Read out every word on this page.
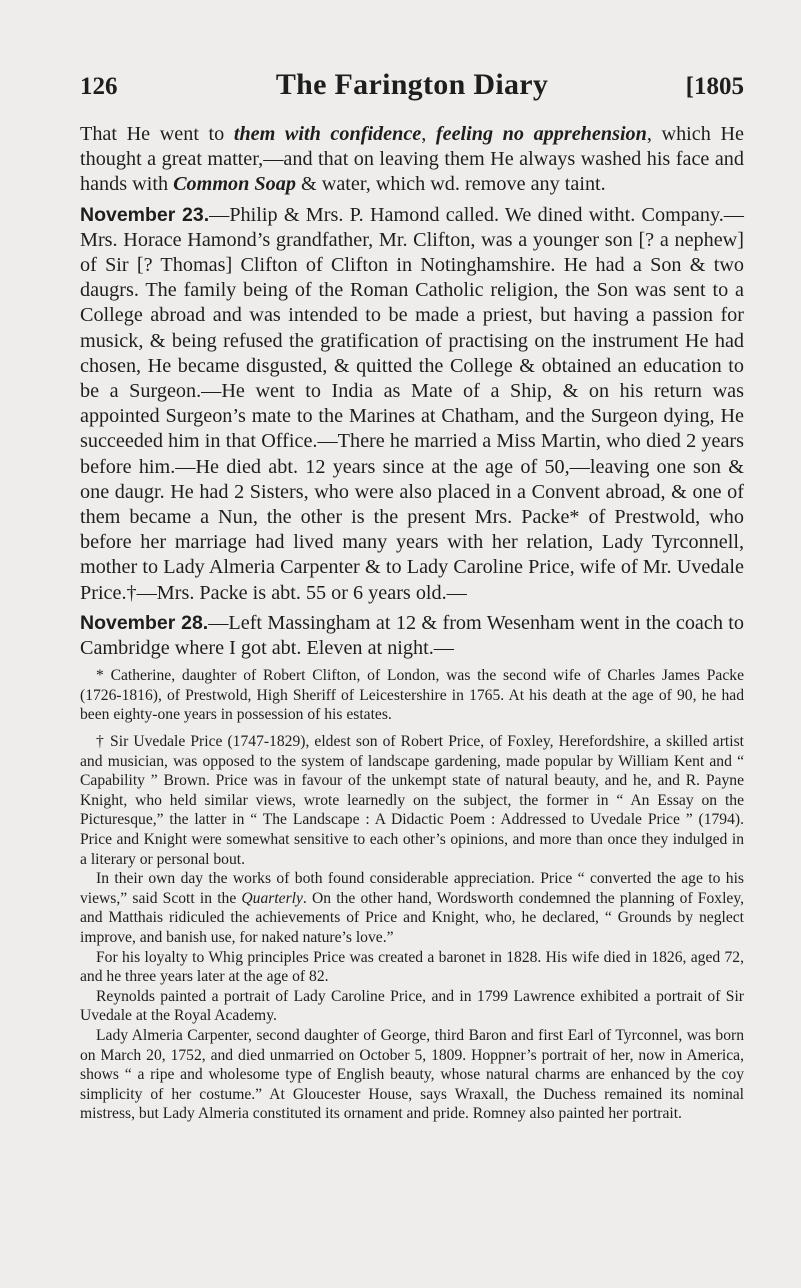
126	The Farington Diary	[1805

That He went to them with confidence, feeling no apprehension, which He thought a great matter,—and that on leaving them He always washed his face and hands with Common Soap & water, which wd. remove any taint.

November 23.—Philip & Mrs. P. Hamond called. We dined witht. Company.—Mrs. Horace Hamond’s grandfather, Mr. Clifton, was a younger son [? a nephew] of Sir [? Thomas] Clifton of Clifton in Notinghamshire. He had a Son & two daugrs. The family being of the Roman Catholic religion, the Son was sent to a College abroad and was intended to be made a priest, but having a passion for musick, & being refused the gratification of practising on the instrument He had chosen, He became disgusted, & quitted the College & obtained an education to be a Surgeon.—He went to India as Mate of a Ship, & on his return was appointed Surgeon’s mate to the Marines at Chatham, and the Surgeon dying, He succeeded him in that Office.—There he married a Miss Martin, who died 2 years before him.—He died abt. 12 years since at the age of 50,—leaving one son & one daugr. He had 2 Sisters, who were also placed in a Convent abroad, & one of them became a Nun, the other is the present Mrs. Packe* of Prestwold, who before her marriage had lived many years with her relation, Lady Tyrconnell, mother to Lady Almeria Carpenter & to Lady Caroline Price, wife of Mr. Uvedale Price.†—Mrs. Packe is abt. 55 or 6 years old.—

November 28.—Left Massingham at 12 & from Wesenham went in the coach to Cambridge where I got abt. Eleven at night.—

* Catherine, daughter of Robert Clifton, of London, was the second wife of Charles James Packe (1726-1816), of Prestwold, High Sheriff of Leicestershire in 1765. At his death at the age of 90, he had been eighty-one years in possession of his estates.

† Sir Uvedale Price (1747-1829), eldest son of Robert Price, of Foxley, Herefordshire, a skilled artist and musician, was opposed to the system of landscape gardening, made popular by William Kent and “ Capability ” Brown. Price was in favour of the unkempt state of natural beauty, and he, and R. Payne Knight, who held similar views, wrote learnedly on the subject, the former in “ An Essay on the Picturesque,” the latter in “ The Landscape : A Didactic Poem : Addressed to Uvedale Price ” (1794). Price and Knight were somewhat sensitive to each other’s opinions, and more than once they indulged in a literary or personal bout.

In their own day the works of both found considerable appreciation. Price “ converted the age to his views,” said Scott in the Quarterly. On the other hand, Wordsworth condemned the planning of Foxley, and Matthais ridiculed the achievements of Price and Knight, who, he declared, “ Grounds by neglect improve, and banish use, for naked nature’s love.”

For his loyalty to Whig principles Price was created a baronet in 1828. His wife died in 1826, aged 72, and he three years later at the age of 82.

Reynolds painted a portrait of Lady Caroline Price, and in 1799 Lawrence exhibited a portrait of Sir Uvedale at the Royal Academy.

Lady Almeria Carpenter, second daughter of George, third Baron and first Earl of Tyrconnel, was born on March 20, 1752, and died unmarried on October 5, 1809. Hoppner’s portrait of her, now in America, shows “ a ripe and wholesome type of English beauty, whose natural charms are enhanced by the coy simplicity of her costume.” At Gloucester House, says Wraxall, the Duchess remained its nominal mistress, but Lady Almeria constituted its ornament and pride. Romney also painted her portrait.
